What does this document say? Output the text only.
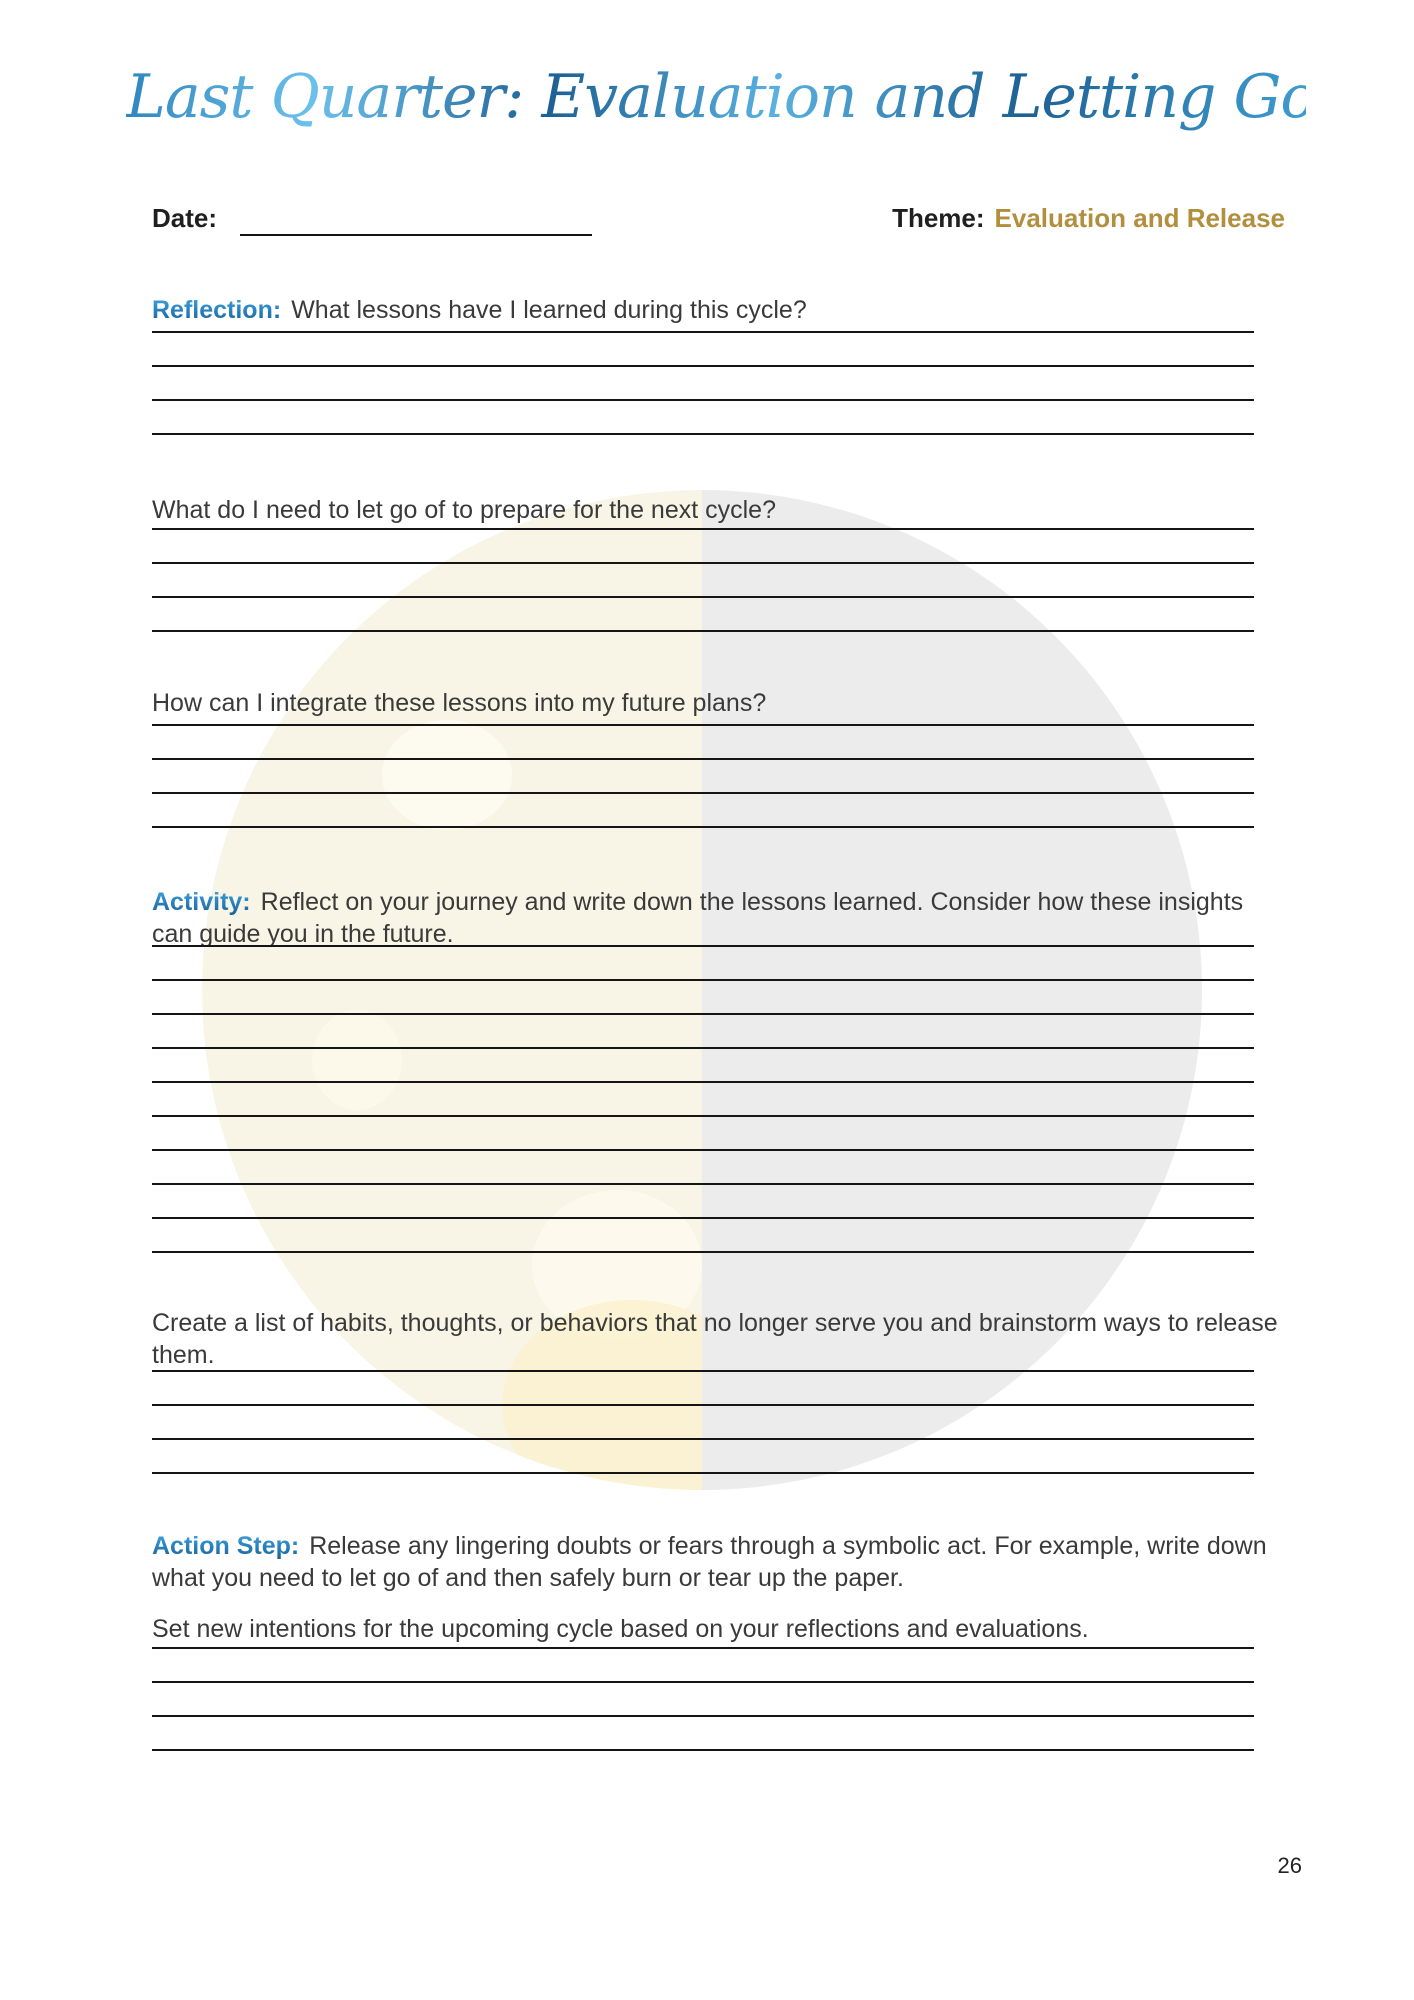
Last Quarter: Evaluation and Letting Go
Date:	Theme: Evaluation and Release

Reflection: What lessons have I learned during this cycle?

What do I need to let go of to prepare for the next cycle?

How can I integrate these lessons into my future plans?

Activity: Reflect on your journey and write down the lessons learned. Consider how these insights can guide you in the future.

Create a list of habits, thoughts, or behaviors that no longer serve you and brainstorm ways to release them.

Action Step: Release any lingering doubts or fears through a symbolic act. For example, write down what you need to let go of and then safely burn or tear up the paper.

Set new intentions for the upcoming cycle based on your reflections and evaluations.

26
